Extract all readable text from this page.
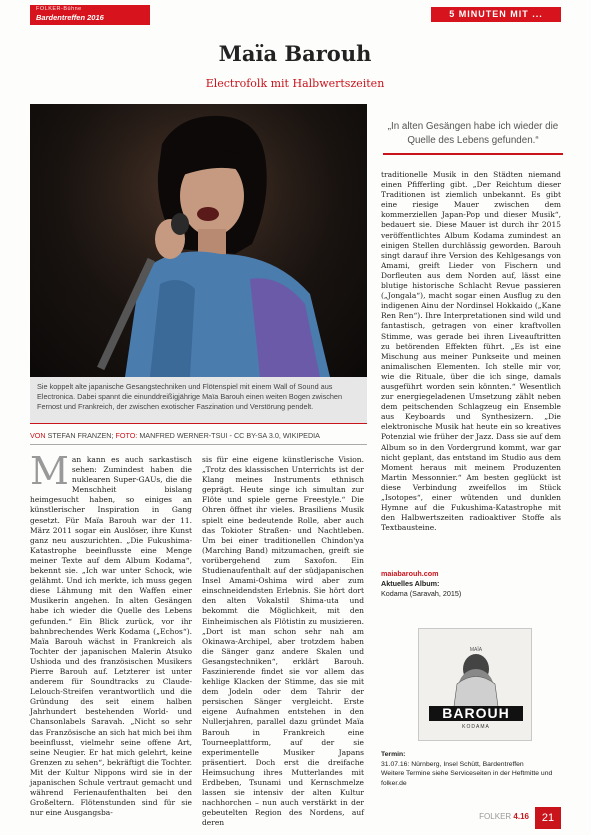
FOLKER-Bühne
Bardentreffen 2016	5 MINUTEN MIT ...
Maïa Barouh
Electrofolk mit Halbwertszeiten
Sie koppelt alte japanische Gesangstechniken und Flötenspiel mit einem Wall of Sound aus Electronica. Dabei spannt die einunddreißigjährige Maïa Barouh einen weiten Bogen zwischen Fernost und Frankreich, der zwischen exotischer Faszination und Verstörung pendelt.
VON STEFAN FRANZEN; FOTO: MANFRED WERNER-TSUI - CC BY-SA 3.0, WIKIPEDIA
„In alten Gesängen habe ich wieder die Quelle des Lebens gefunden.“
Man kann es auch sarkastisch sehen: Zumindest haben die nuklearen Super-GAUs, die die Menschheit bislang heimgesucht haben, so einiges an künstlerischer Inspiration in Gang gesetzt. Für Maïa Barouh war der 11. März 2011 sogar ein Auslöser, ihre Kunst ganz neu auszurichten. „Die Fukushima-Katastrophe beeinflusste eine Menge meiner Texte auf dem Album Kodama“, bekennt sie. „Ich war unter Schock, wie gelähmt. Und ich merkte, ich muss gegen diese Lähmung mit den Waffen einer Musikerin angehen. In alten Gesängen habe ich wieder die Quelle des Lebens gefunden.“ Ein Blick zurück, vor ihr bahnbrechendes Werk Kodama („Echos“). Maïa Barouh wächst in Frankreich als Tochter der japanischen Malerin Atsuko Ushioda und des französischen Musikers Pierre Barouh auf. Letzterer ist unter anderem für Soundtracks zu Claude-Lelouch-Streifen verantwortlich und die Gründung des seit einem halben Jahrhundert bestehenden World- und Chansonlabels Saravah. „Nicht so sehr das Französische an sich hat mich bei ihm beeinflusst, vielmehr seine offene Art, seine Neugier. Er hat mich gelehrt, keine Grenzen zu sehen“, bekräftigt die Tochter. Mit der Kultur Nippons wird sie in der japanischen Schule vertraut gemacht und während Ferienaufenthalten bei den Großeltern. Flötenstunden sind für sie nur eine Ausgangsba-
sis für eine eigene künstlerische Vision. „Trotz des klassischen Unterrichts ist der Klang meines Instruments ethnisch geprägt. Heute singe ich simultan zur Flöte und spiele gerne Freestyle.“ Die Ohren öffnet ihr vieles. Brasiliens Musik spielt eine bedeutende Rolle, aber auch das Tokioter Straßen- und Nachtleben. Um bei einer traditionellen Chindon'ya (Marching Band) mitzumachen, greift sie vorübergehend zum Saxofon. Ein Studienaufenthalt auf der südjapanischen Insel Amami-Oshima wird aber zum einschneidendsten Erlebnis. Sie hört dort den alten Vokalstil Shima-uta und bekommt die Möglichkeit, mit den Einheimischen als Flötistin zu musizieren. „Dort ist man schon sehr nah am Okinawa-Archipel, aber trotzdem haben die Sänger ganz andere Skalen und Gesangstechniken“, erklärt Barouh. Faszinierende findet sie vor allem das kehlige Klacken der Stimme, das sie mit dem Jodeln oder dem Tahrir der persischen Sänger vergleicht. Erste eigene Aufnahmen entstehen in den Nullerjahren, parallel dazu gründet Maïa Barouh in Frankreich eine Tourneeplattform, auf der sie experimentelle Musiker Japans präsentiert. Doch erst die dreifache Heimsuchung ihres Mutterlandes mit Erdbeben, Tsunami und Kernschmelze lassen sie intensiv der alten Kultur nachhorchen – nun auch verstärkt in der gebeutelten Region des Nordens, auf deren
traditionelle Musik in den Städten niemand einen Pfifferling gibt. „Der Reichtum dieser Traditionen ist ziemlich unbekannt. Es gibt eine riesige Mauer zwischen dem kommerziellen Japan-Pop und dieser Musik“, bedauert sie. Diese Mauer ist durch ihr 2015 veröffentlichtes Album Kodama zumindest an einigen Stellen durchlässig geworden. Barouh singt darauf ihre Version des Kehlgesangs von Amami, greift Lieder von Fischern und Dorfleuten aus dem Norden auf, lässt eine blutige historische Schlacht Revue passieren („Jongala“), macht sogar einen Ausflug zu den indigenen Ainu der Nordinsel Hokkaido („Kane Ren Ren“). Ihre Interpretationen sind wild und fantastisch, getragen von einer kraftvollen Stimme, was gerade bei ihren Liveauftritten zu betörenden Effekten führt. „Es ist eine Mischung aus meiner Punkseite und meinen animalischen Elementen. Ich stelle mir vor, wie die Rituale, über die ich singe, damals ausgeführt worden sein könnten.“ Wesentlich zur energiegeladenen Umsetzung zählt neben dem peitschenden Schlagzeug ein Ensemble aus Keyboards und Synthesizern. „Die elektronische Musik hat heute ein so kreatives Potenzial wie früher der Jazz. Dass sie auf dem Album so in den Vordergrund kommt, war gar nicht geplant, das entstand im Studio aus dem Moment heraus mit meinem Produzenten Martin Messonnier.“ Am besten geglückt ist diese Verbindung zweifellos im Stück „Isotopes“, einer wütenden und dunklen Hymne auf die Fukushima-Katastrophe mit den Halbwertszeiten radioaktiver Stoffe als Textbausteine.
maiabarouh.com
Aktuelles Album:
Kodama (Saravah, 2015)
MAÏA
BAROUH
KODAMA
Termin:
31.07.16: Nürnberg, Insel Schütt, Bardentreffen
Weitere Termine siehe Serviceseiten in der Heftmitte und folker.de
FOLKER 4.16	21
